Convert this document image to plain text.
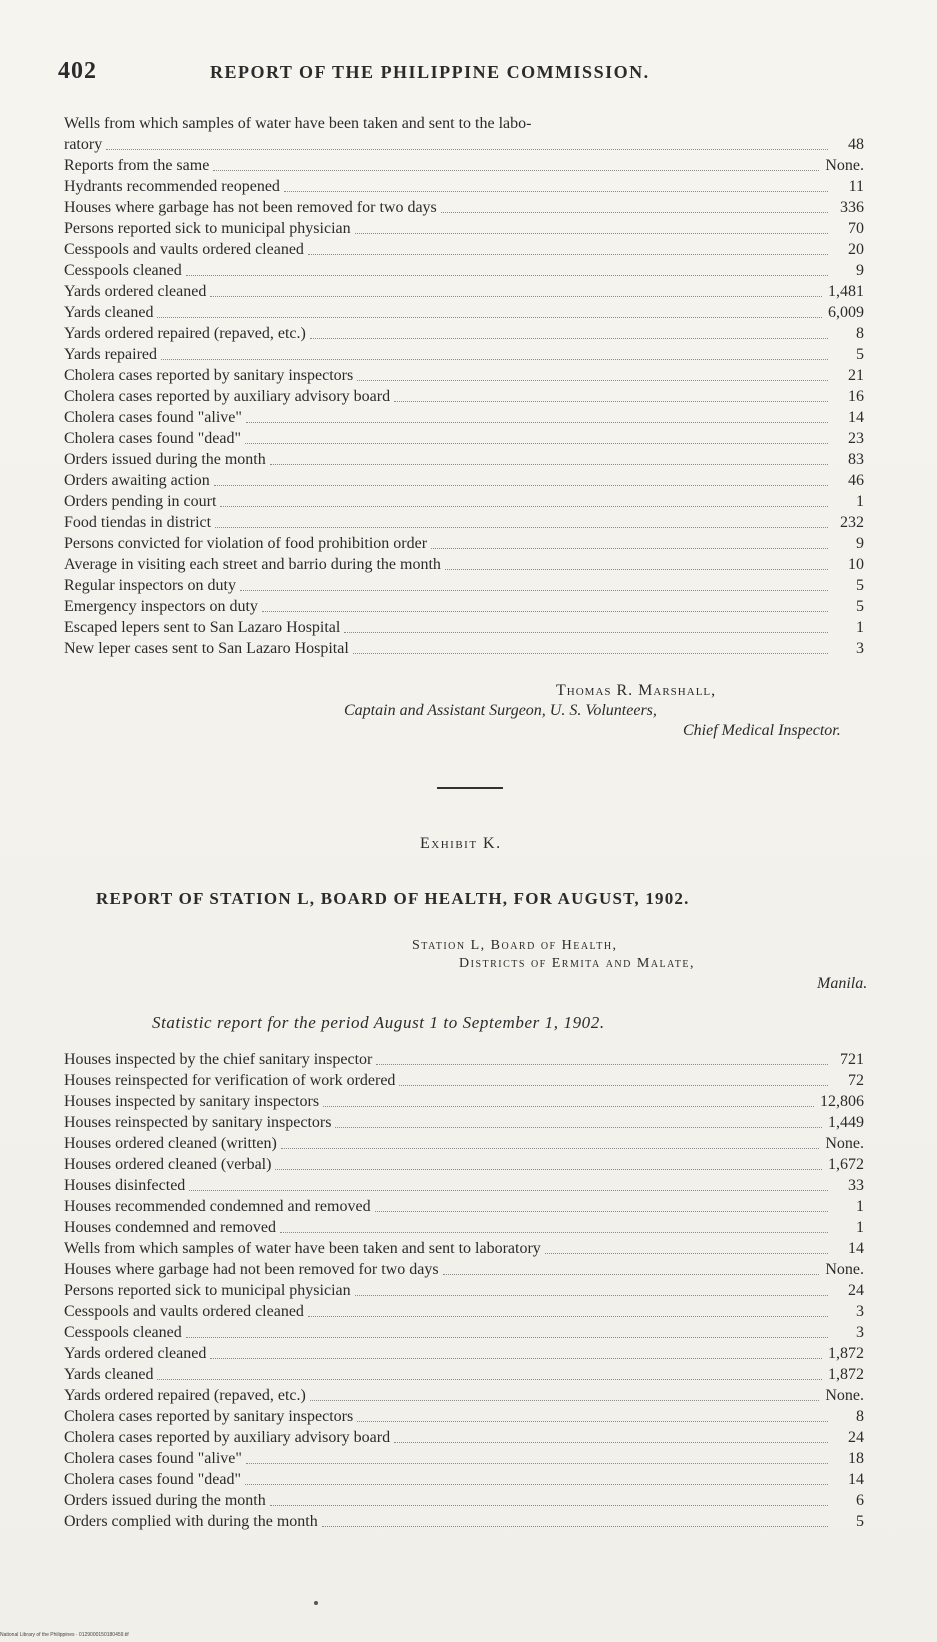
402	REPORT OF THE PHILIPPINE COMMISSION.
Wells from which samples of water have been taken and sent to the labo-
ratory	48
Reports from the same	None.
Hydrants recommended reopened	11
Houses where garbage has not been removed for two days	336
Persons reported sick to municipal physician	70
Cesspools and vaults ordered cleaned	20
Cesspools cleaned	9
Yards ordered cleaned	1,481
Yards cleaned	6,009
Yards ordered repaired (repaved, etc.)	8
Yards repaired	5
Cholera cases reported by sanitary inspectors	21
Cholera cases reported by auxiliary advisory board	16
Cholera cases found "alive"	14
Cholera cases found "dead"	23
Orders issued during the month	83
Orders awaiting action	46
Orders pending in court	1
Food tiendas in district	232
Persons convicted for violation of food prohibition order	9
Average in visiting each street and barrio during the month	10
Regular inspectors on duty	5
Emergency inspectors on duty	5
Escaped lepers sent to San Lazaro Hospital	1
New leper cases sent to San Lazaro Hospital	3
Thomas R. Marshall,
Captain and Assistant Surgeon, U. S. Volunteers,
Chief Medical Inspector.
Exhibit K.
REPORT OF STATION L, BOARD OF HEALTH, FOR AUGUST, 1902.
Station L, Board of Health,
Districts of Ermita and Malate,
Manila.
Statistic report for the period August 1 to September 1, 1902.
Houses inspected by the chief sanitary inspector	721
Houses reinspected for verification of work ordered	72
Houses inspected by sanitary inspectors	12,806
Houses reinspected by sanitary inspectors	1,449
Houses ordered cleaned (written)	None.
Houses ordered cleaned (verbal)	1,672
Houses disinfected	33
Houses recommended condemned and removed	1
Houses condemned and removed	1
Wells from which samples of water have been taken and sent to laboratory	14
Houses where garbage had not been removed for two days	None.
Persons reported sick to municipal physician	24
Cesspools and vaults ordered cleaned	3
Cesspools cleaned	3
Yards ordered cleaned	1,872
Yards cleaned	1,872
Yards ordered repaired (repaved, etc.)	None.
Cholera cases reported by sanitary inspectors	8
Cholera cases reported by auxiliary advisory board	24
Cholera cases found "alive"	18
Cholera cases found "dead"	14
Orders issued during the month	6
Orders complied with during the month	5
National Library of the Philippines · 0129000150180459.tif
